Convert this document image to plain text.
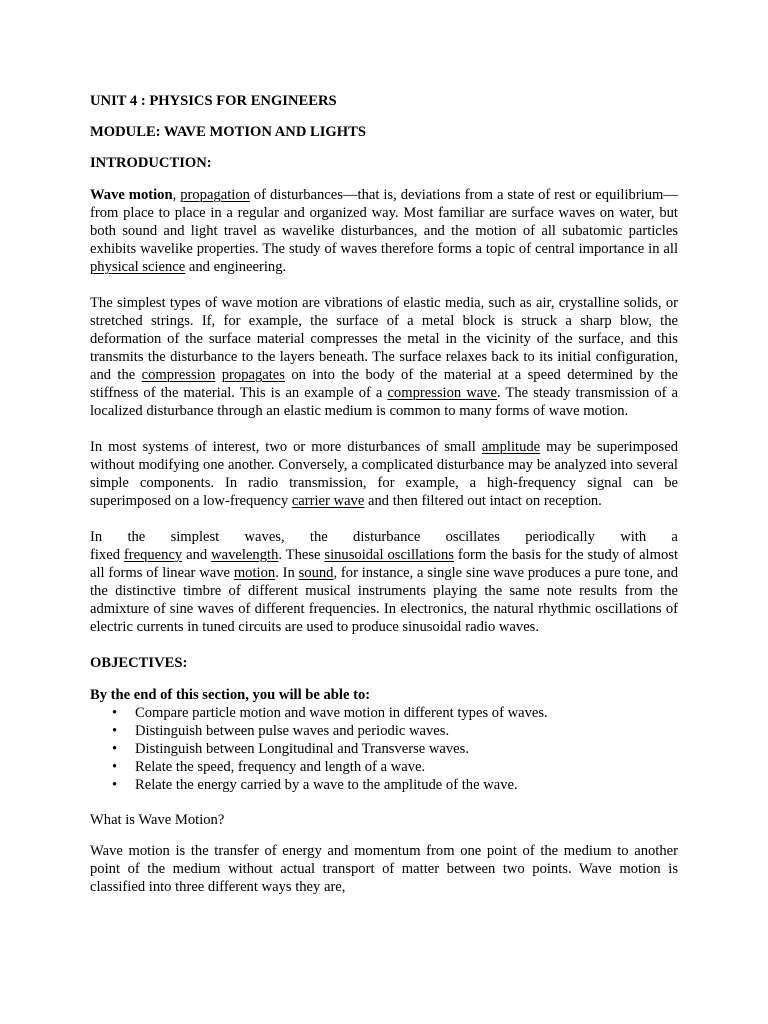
UNIT 4 : PHYSICS FOR ENGINEERS
MODULE: WAVE MOTION AND LIGHTS
INTRODUCTION:

Wave motion, propagation of disturbances—that is, deviations from a state of rest or equilibrium—from place to place in a regular and organized way. Most familiar are surface waves on water, but both sound and light travel as wavelike disturbances, and the motion of all subatomic particles exhibits wavelike properties. The study of waves therefore forms a topic of central importance in all physical science and engineering.

The simplest types of wave motion are vibrations of elastic media, such as air, crystalline solids, or stretched strings. If, for example, the surface of a metal block is struck a sharp blow, the deformation of the surface material compresses the metal in the vicinity of the surface, and this transmits the disturbance to the layers beneath. The surface relaxes back to its initial configuration, and the compression propagates on into the body of the material at a speed determined by the stiffness of the material. This is an example of a compression wave. The steady transmission of a localized disturbance through an elastic medium is common to many forms of wave motion.

In most systems of interest, two or more disturbances of small amplitude may be superimposed without modifying one another. Conversely, a complicated disturbance may be analyzed into several simple components. In radio transmission, for example, a high-frequency signal can be superimposed on a low-frequency carrier wave and then filtered out intact on reception.

In the simplest waves, the disturbance oscillates periodically with a

fixed frequency and wavelength. These sinusoidal oscillations form the basis for the study of almost all forms of linear wave motion. In sound, for instance, a single sine wave produces a pure tone, and the distinctive timbre of different musical instruments playing the same note results from the admixture of sine waves of different frequencies. In electronics, the natural rhythmic oscillations of electric currents in tuned circuits are used to produce sinusoidal radio waves.

OBJECTIVES:

By the end of this section, you will be able to:

• Compare particle motion and wave motion in different types of waves.
• Distinguish between pulse waves and periodic waves.
• Distinguish between Longitudinal and Transverse waves.
• Relate the speed, frequency and length of a wave.
• Relate the energy carried by a wave to the amplitude of the wave.
What is Wave Motion?

Wave motion is the transfer of energy and momentum from one point of the medium to another point of the medium without actual transport of matter between two points. Wave motion is classified into three different ways they are,
